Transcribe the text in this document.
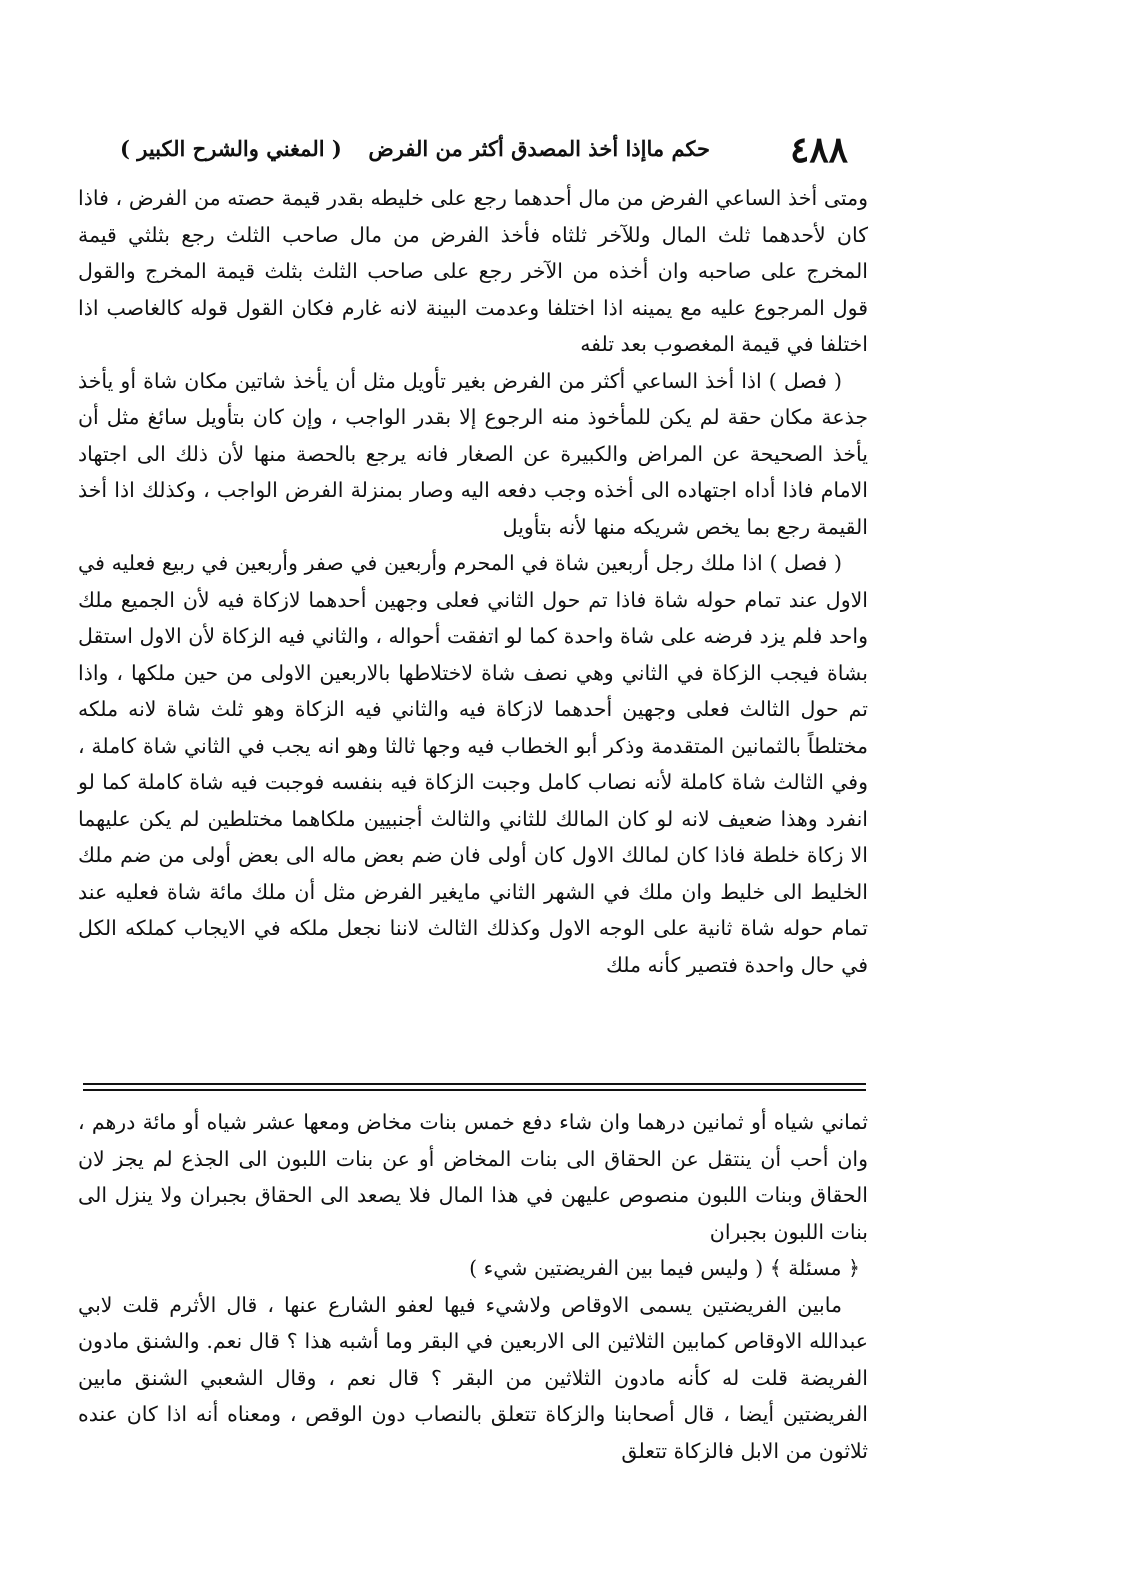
٤٨٨
حكم ماإذا أخذ المصدق أكثر من الفرض
( المغني والشرح الكبير )

ومتى أخذ الساعي الفرض من مال أحدهما رجع على خليطه بقدر قيمة حصته من الفرض ، فاذا كان لأحدهما ثلث المال وللآخر ثلثاه فأخذ الفرض من مال صاحب الثلث رجع بثلثي قيمة المخرج على صاحبه وان أخذه من الآخر رجع على صاحب الثلث بثلث قيمة المخرج والقول قول المرجوع عليه مع يمينه اذا اختلفا وعدمت البينة لانه غارم فكان القول قوله كالغاصب اذا اختلفا في قيمة المغصوب بعد تلفه

( فصل ) اذا أخذ الساعي أكثر من الفرض بغير تأويل مثل أن يأخذ شاتين مكان شاة أو يأخذ جذعة مكان حقة لم يكن للمأخوذ منه الرجوع إلا بقدر الواجب ، وإن كان بتأويل سائغ مثل أن يأخذ الصحيحة عن المراض والكبيرة عن الصغار فانه يرجع بالحصة منها لأن ذلك الى اجتهاد الامام فاذا أداه اجتهاده الى أخذه وجب دفعه اليه وصار بمنزلة الفرض الواجب ، وكذلك اذا أخذ القيمة رجع بما يخص شريكه منها لأنه بتأويل

( فصل ) اذا ملك رجل أربعين شاة في المحرم وأربعين في صفر وأربعين في ربيع فعليه في الاول عند تمام حوله شاة فاذا تم حول الثاني فعلى وجهين أحدهما لازكاة فيه لأن الجميع ملك واحد فلم يزد فرضه على شاة واحدة كما لو اتفقت أحواله ، والثاني فيه الزكاة لأن الاول استقل بشاة فيجب الزكاة في الثاني وهي نصف شاة لاختلاطها بالاربعين الاولى من حين ملكها ، واذا تم حول الثالث فعلى وجهين أحدهما لازكاة فيه والثاني فيه الزكاة وهو ثلث شاة لانه ملكه مختلطاً بالثمانين المتقدمة وذكر أبو الخطاب فيه وجها ثالثا وهو انه يجب في الثاني شاة كاملة ، وفي الثالث شاة كاملة لأنه نصاب كامل وجبت الزكاة فيه بنفسه فوجبت فيه شاة كاملة كما لو انفرد وهذا ضعيف لانه لو كان المالك للثاني والثالث أجنبيين ملكاهما مختلطين لم يكن عليهما الا زكاة خلطة فاذا كان لمالك الاول كان أولى فان ضم بعض ماله الى بعض أولى من ضم ملك الخليط الى خليط وان ملك في الشهر الثاني مايغير الفرض مثل أن ملك مائة شاة فعليه عند تمام حوله شاة ثانية على الوجه الاول وكذلك الثالث لاننا نجعل ملكه في الايجاب كملكه الكل في حال واحدة فتصير كأنه ملك

ثماني شياه أو ثمانين درهما وان شاء دفع خمس بنات مخاض ومعها عشر شياه أو مائة درهم ، وان أحب أن ينتقل عن الحقاق الى بنات المخاض أو عن بنات اللبون الى الجذع لم يجز لان الحقاق وبنات اللبون منصوص عليهن في هذا المال فلا يصعد الى الحقاق بجبران ولا ينزل الى بنات اللبون بجبران

﴿ مسئلة ﴾ ( وليس فيما بين الفريضتين شيء )

مابين الفريضتين يسمى الاوقاص ولاشيء فيها لعفو الشارع عنها ، قال الأثرم قلت لابي عبدالله الاوقاص كمابين الثلاثين الى الاربعين في البقر وما أشبه هذا ؟ قال نعم. والشنق مادون الفريضة قلت له كأنه مادون الثلاثين من البقر ؟ قال نعم ، وقال الشعبي الشنق مابين الفريضتين أيضا ، قال أصحابنا والزكاة تتعلق بالنصاب دون الوقص ، ومعناه أنه اذا كان عنده ثلاثون من الابل فالزكاة تتعلق
